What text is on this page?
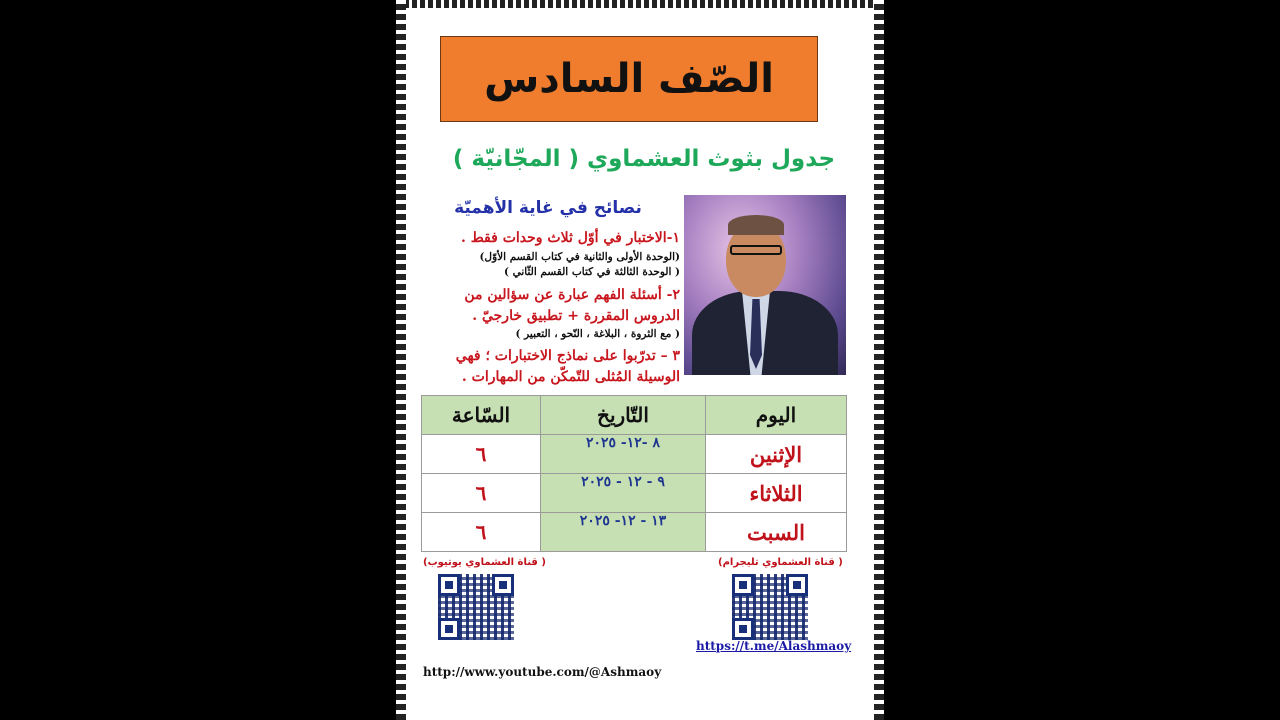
الصّف السادس
جدول بثوث العشماوي ( المجّانيّة )
نصائح في غاية الأهميّة
١-الاختبار في أوّل ثلاث وحدات فقط .
(الوحدة الأولى والثانية في كتاب القسم الأوّل)
( الوحدة الثالثة في كتاب القسم الثّاني )
٢- أسئلة الفهم عبارة عن سؤالين من
الدروس المقررة + تطبيق خارجيّ .
( مع الثروة ، البلاغة ، النّحو ، التعبير )
٣ – تدرّبوا على نماذج الاختبارات ؛ فهي
الوسيلة المُثلى للتّمكّن من المهارات .
اليوم	التّاريخ	السّاعة
الإثنين	٨ -١٢- ٢٠٢٥	٦
الثلاثاء	٩ - ١٢ - ٢٠٢٥	٦
السبت	١٣ - ١٢- ٢٠٢٥	٦
( قناة العشماوي تليجرام)
( قناة العشماوي يوتيوب)
https://t.me/Alashmaoy
http://www.youtube.com/@Ashmaoy
